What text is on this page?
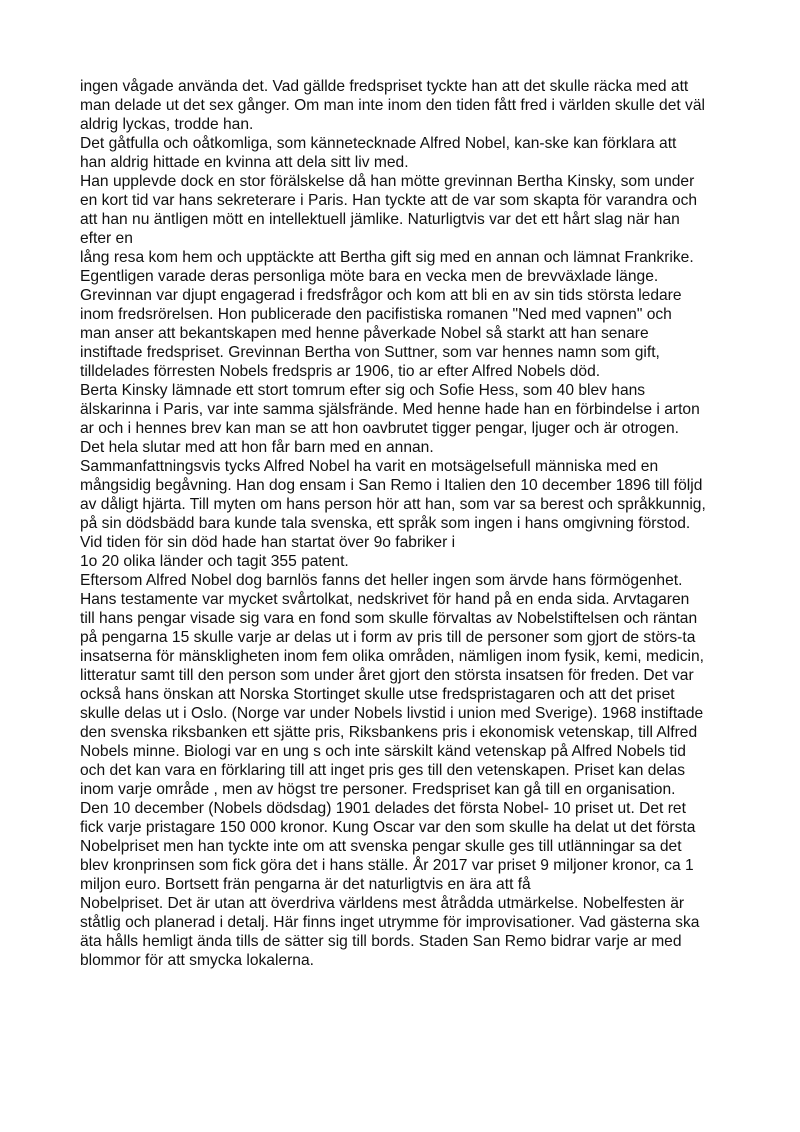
ingen vågade använda det. Vad gällde fredspriset tyckte han att det skulle räcka med att

man delade ut det sex gånger. Om man inte inom den tiden fått fred i världen skulle det väl

aldrig lyckas, trodde han.

Det gåtfulla och oåtkomliga, som kännetecknade Alfred Nobel, kan-ske kan förklara att

han aldrig hittade en kvinna att dela sitt liv med.

Han upplevde dock en stor förälskelse då han mötte grevinnan Bertha Kinsky, som under

en kort tid var hans sekreterare i Paris. Han tyckte att de var som skapta för varandra och

att han nu äntligen mött en intellektuell jämlike. Naturligtvis var det ett hårt slag när han

efter en

lång resa kom hem och upptäckte att Bertha gift sig med en annan och lämnat Frankrike.

Egentligen varade deras personliga möte bara en vecka men de brevväxlade länge.

Grevinnan var djupt engagerad i fredsfrågor och kom att bli en av sin tids största ledare

inom fredsrörelsen. Hon publicerade den pacifistiska romanen "Ned med vapnen" och

man anser att bekantskapen med henne påverkade Nobel så starkt att han senare

instiftade fredspriset. Grevinnan Bertha von Suttner, som var hennes namn som gift,

tilldelades förresten Nobels fredspris ar 1906, tio ar efter Alfred Nobels död.

Berta Kinsky lämnade ett stort tomrum efter sig och Sofie Hess, som 40 blev hans

älskarinna i Paris, var inte samma själsfrände. Med henne hade han en förbindelse i arton

ar och i hennes brev kan man se att hon oavbrutet tigger pengar, ljuger och är otrogen.

Det hela slutar med att hon får barn med en annan.

Sammanfattningsvis tycks Alfred Nobel ha varit en motsägelsefull människa med en

mångsidig begåvning. Han dog ensam i San Remo i Italien den 10 december 1896 till följd

av dåligt hjärta. Till myten om hans person hör att han, som var sa berest och språkkunnig,

på sin dödsbädd bara kunde tala svenska, ett språk som ingen i hans omgivning förstod.

Vid tiden för sin död hade han startat över 9o fabriker i

1o 20 olika länder och tagit 355 patent.

Eftersom Alfred Nobel dog barnlös fanns det heller ingen som ärvde hans förmögenhet.

Hans testamente var mycket svårtolkat, nedskrivet för hand på en enda sida. Arvtagaren

till hans pengar visade sig vara en fond som skulle förvaltas av Nobelstiftelsen och räntan

på pengarna 15 skulle varje ar delas ut i form av pris till de personer som gjort de störs-ta

insatserna för mänskligheten inom fem olika områden, nämligen inom fysik, kemi, medicin,

litteratur samt till den person som under året gjort den största insatsen för freden. Det var

också hans önskan att Norska Stortinget skulle utse fredspristagaren och att det priset

skulle delas ut i Oslo. (Norge var under Nobels livstid i union med Sverige). 1968 instiftade

den svenska riksbanken ett sjätte pris, Riksbankens pris i ekonomisk vetenskap, till Alfred

Nobels minne. Biologi var en ung s och inte särskilt känd vetenskap på Alfred Nobels tid

och det kan vara en förklaring till att inget pris ges till den vetenskapen. Priset kan delas

inom varje område , men av högst tre personer. Fredspriset kan gå till en organisation.

Den 10 december (Nobels dödsdag) 1901 delades det första Nobel- 10 priset ut. Det ret

fick varje pristagare 150 000 kronor. Kung Oscar var den som skulle ha delat ut det första

Nobelpriset men han tyckte inte om att svenska pengar skulle ges till utlänningar sa det

blev kronprinsen som fick göra det i hans ställe. År 2017 var priset 9 miljoner kronor, ca 1

miljon euro. Bortsett frän pengarna är det naturligtvis en ära att få

Nobelpriset. Det är utan att överdriva världens mest åtrådda utmärkelse. Nobelfesten är

ståtlig och planerad i detalj. Här finns inget utrymme för improvisationer. Vad gästerna ska

äta hålls hemligt ända tills de sätter sig till bords. Staden San Remo bidrar varje ar med

blommor för att smycka lokalerna.
